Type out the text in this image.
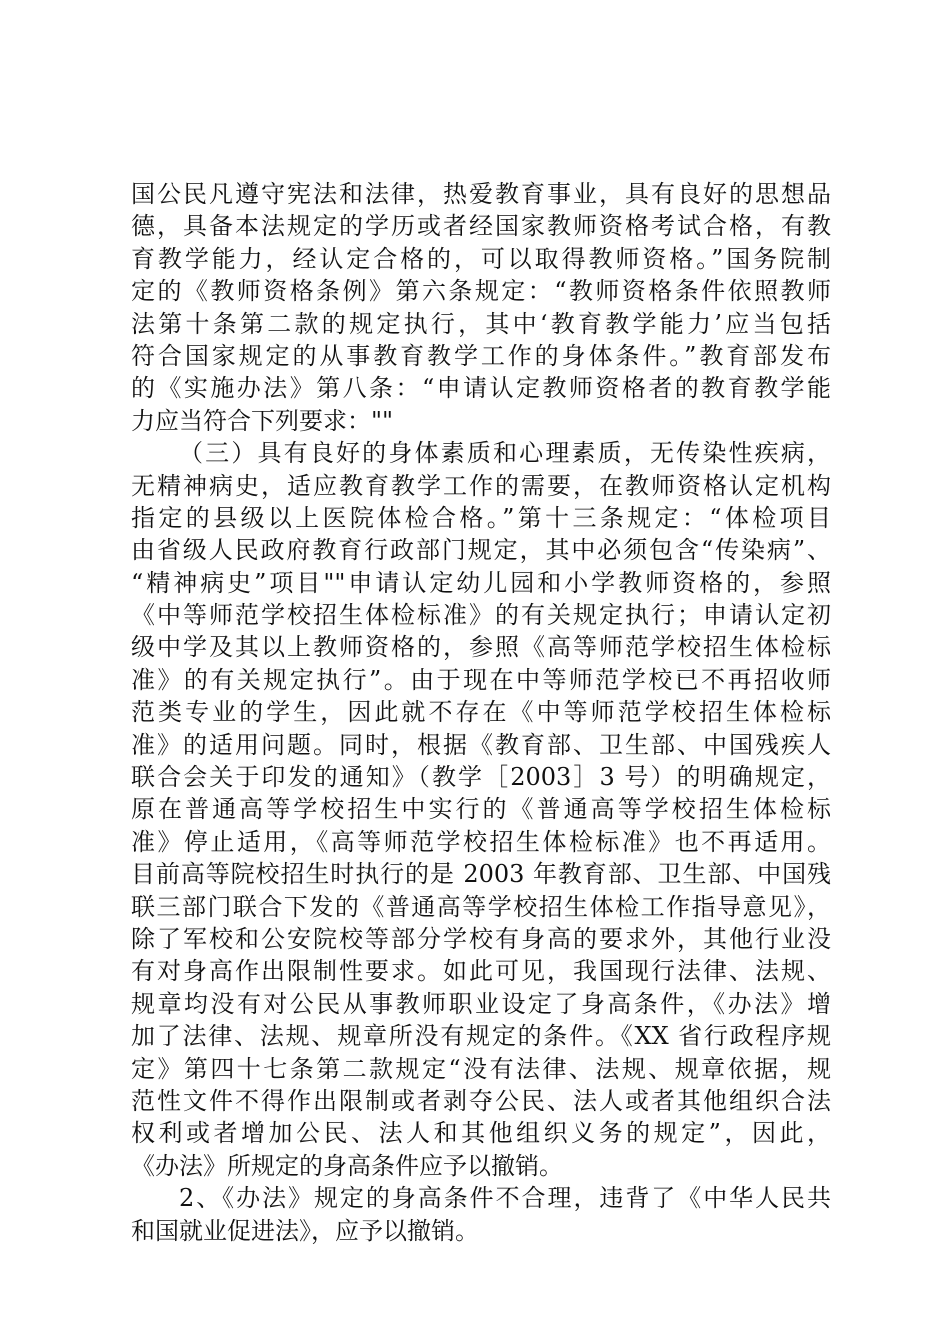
国公民凡遵守宪法和法律，热爱教育事业，具有良好的思想品
德，具备本法规定的学历或者经国家教师资格考试合格，有教
育教学能力，经认定合格的，可以取得教师资格。”国务院制
定的《教师资格条例》第六条规定：“教师资格条件依照教师
法第十条第二款的规定执行，其中‘教育教学能力’应当包括
符合国家规定的从事教育教学工作的身体条件。”教育部发布
的《实施办法》第八条：“申请认定教师资格者的教育教学能
力应当符合下列要求：""
（三）具有良好的身体素质和心理素质，无传染性疾病，
无精神病史，适应教育教学工作的需要，在教师资格认定机构
指定的县级以上医院体检合格。”第十三条规定：“体检项目
由省级人民政府教育行政部门规定，其中必须包含“传染病”、
“精神病史”项目""申请认定幼儿园和小学教师资格的，参照
《中等师范学校招生体检标准》的有关规定执行；申请认定初
级中学及其以上教师资格的，参照《高等师范学校招生体检标
准》的有关规定执行”。由于现在中等师范学校已不再招收师
范类专业的学生，因此就不存在《中等师范学校招生体检标
准》的适用问题。同时，根据《教育部、卫生部、中国残疾人
联合会关于印发的通知》（教学［2003］3 号）的明确规定，
原在普通高等学校招生中实行的《普通高等学校招生体检标
准》停止适用，《高等师范学校招生体检标准》也不再适用。
目前高等院校招生时执行的是 2003 年教育部、卫生部、中国残
联三部门联合下发的《普通高等学校招生体检工作指导意见》，
除了军校和公安院校等部分学校有身高的要求外，其他行业没
有对身高作出限制性要求。如此可见，我国现行法律、法规、
规章均没有对公民从事教师职业设定了身高条件，《办法》增
加了法律、法规、规章所没有规定的条件。《XX 省行政程序规
定》第四十七条第二款规定“没有法律、法规、规章依据，规
范性文件不得作出限制或者剥夺公民、法人或者其他组织合法
权利或者增加公民、法人和其他组织义务的规定”，因此，
《办法》所规定的身高条件应予以撤销。
2、《办法》规定的身高条件不合理，违背了《中华人民共
和国就业促进法》，应予以撤销。
